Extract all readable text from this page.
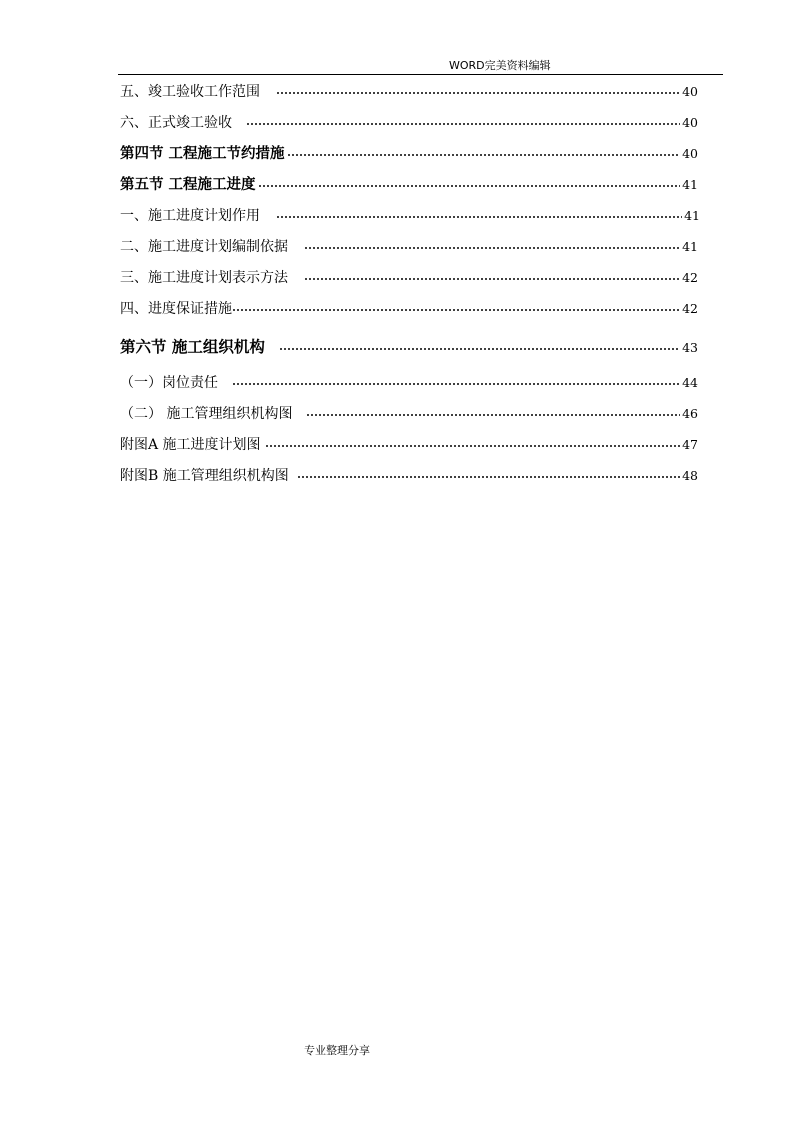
WORD完美资料编辑
五、竣工验收工作范围	40
六、正式竣工验收	40
第四节 工程施工节约措施	40
第五节 工程施工进度	41
一、施工进度计划作用	41
二、施工进度计划编制依据	41
三、施工进度计划表示方法	42
四、进度保证措施	42
第六节 施工组织机构	43
（一）岗位责任	44
（二） 施工管理组织机构图	46
附图A 施工进度计划图	47
附图B 施工管理组织机构图	48
专业整理分享
